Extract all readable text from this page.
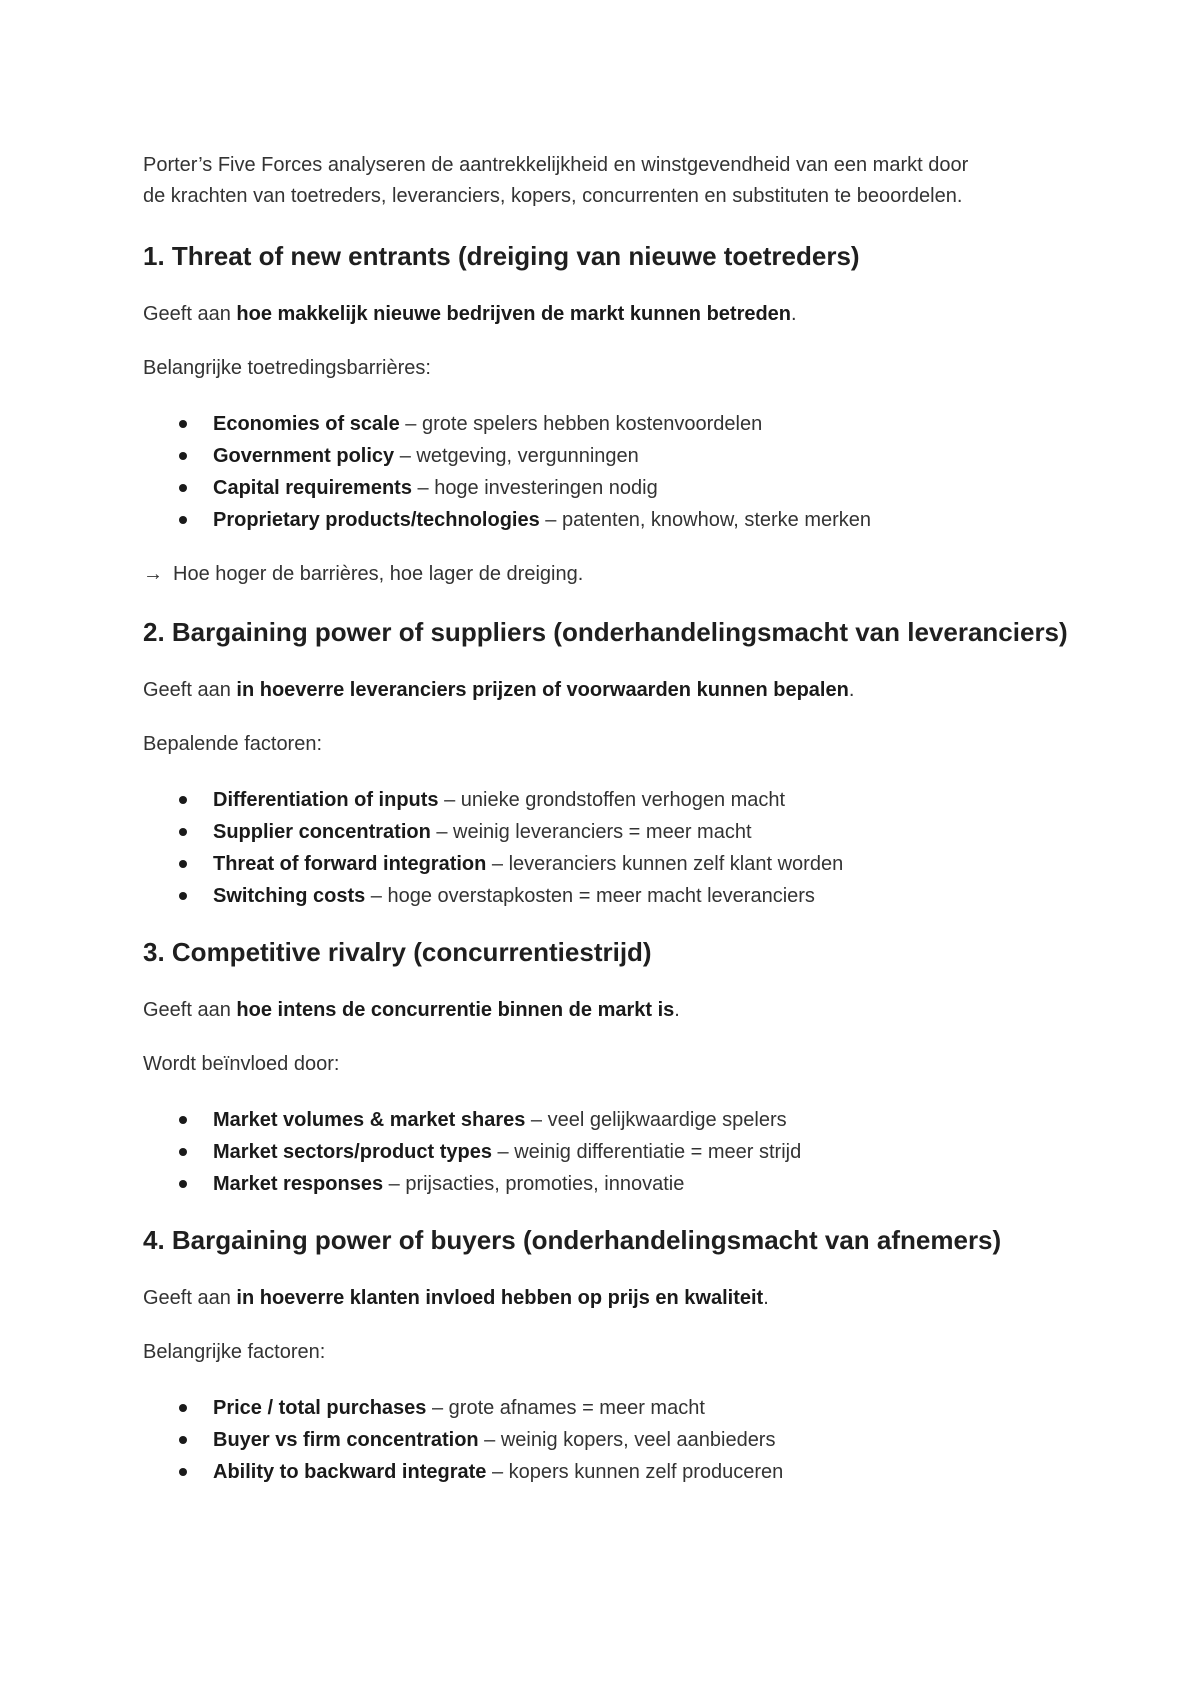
Porter’s Five Forces analyseren de aantrekkelijkheid en winstgevendheid van een markt door
de krachten van toetreders, leveranciers, kopers, concurrenten en substituten te beoordelen.

1. Threat of new entrants (dreiging van nieuwe toetreders)

Geeft aan hoe makkelijk nieuwe bedrijven de markt kunnen betreden.

Belangrijke toetredingsbarrières:

Economies of scale – grote spelers hebben kostenvoordelen
Government policy – wetgeving, vergunningen
Capital requirements – hoge investeringen nodig
Proprietary products/technologies – patenten, knowhow, sterke merken

→ Hoe hoger de barrières, hoe lager de dreiging.

2. Bargaining power of suppliers (onderhandelingsmacht van leveranciers)

Geeft aan in hoeverre leveranciers prijzen of voorwaarden kunnen bepalen.

Bepalende factoren:

Differentiation of inputs – unieke grondstoffen verhogen macht
Supplier concentration – weinig leveranciers = meer macht
Threat of forward integration – leveranciers kunnen zelf klant worden
Switching costs – hoge overstapkosten = meer macht leveranciers
3. Competitive rivalry (concurrentiestrijd)

Geeft aan hoe intens de concurrentie binnen de markt is.

Wordt beïnvloed door:

Market volumes & market shares – veel gelijkwaardige spelers
Market sectors/product types – weinig differentiatie = meer strijd
Market responses – prijsacties, promoties, innovatie
4. Bargaining power of buyers (onderhandelingsmacht van afnemers)

Geeft aan in hoeverre klanten invloed hebben op prijs en kwaliteit.

Belangrijke factoren:

Price / total purchases – grote afnames = meer macht
Buyer vs firm concentration – weinig kopers, veel aanbieders
Ability to backward integrate – kopers kunnen zelf produceren
